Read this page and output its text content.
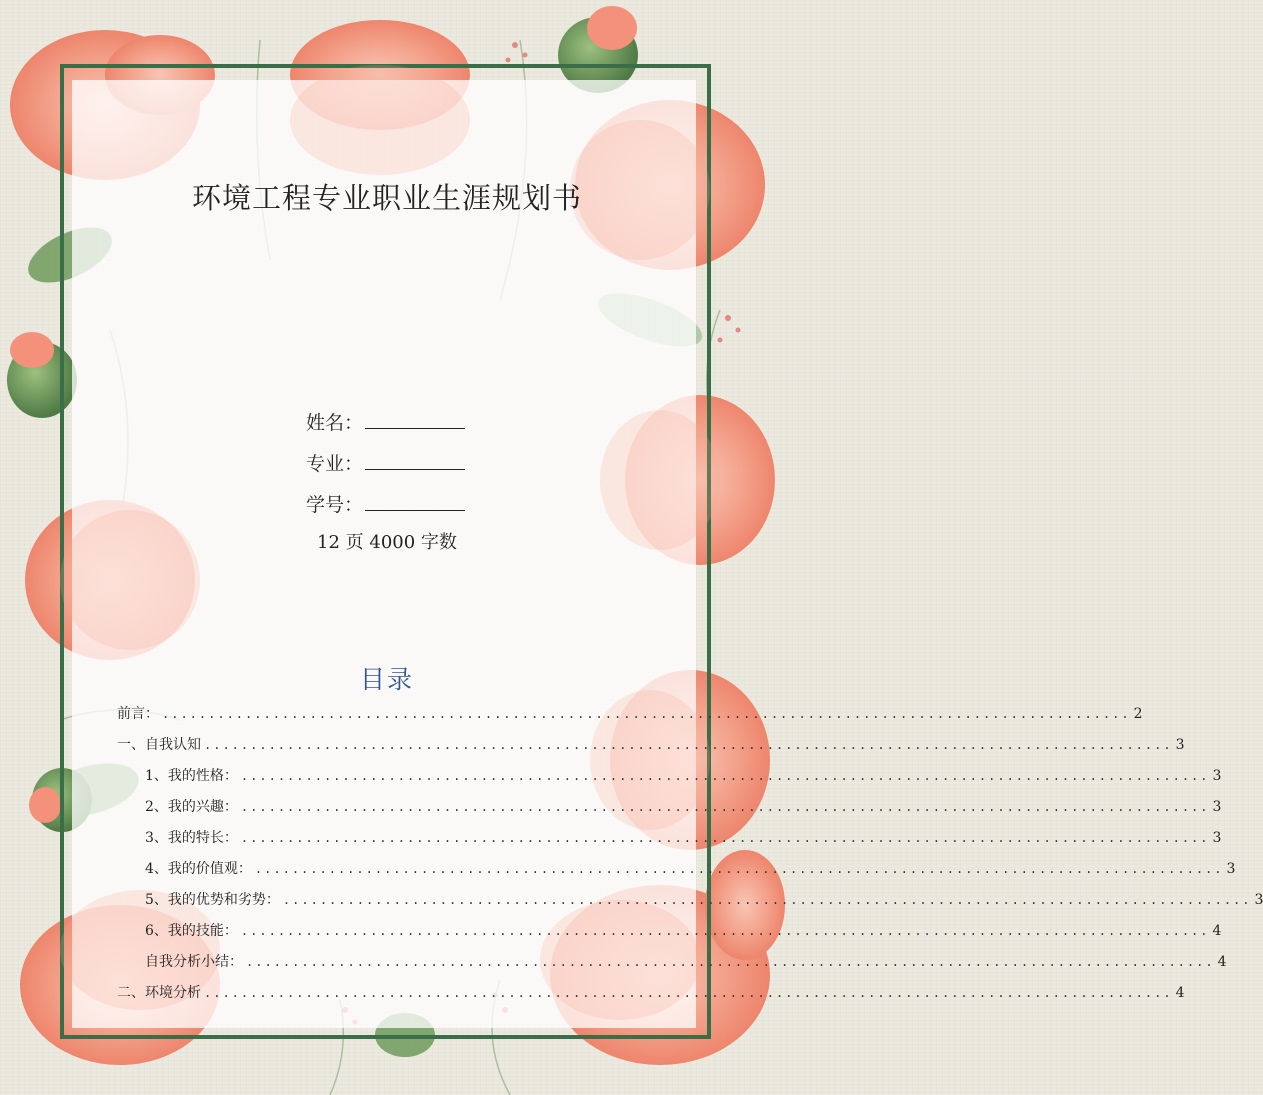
环境工程专业职业生涯规划书
姓名：
专业：
学号：
12 页 4000 字数
目录
前言： ......................................................................................................... 2
一、自我认知 ......................................................................................................... 3
1、我的性格： ......................................................................................................... 3
2、我的兴趣： ......................................................................................................... 3
3、我的特长： ......................................................................................................... 3
4、我的价值观： ......................................................................................................... 3
5、我的优势和劣势： ......................................................................................................... 3
6、我的技能： ......................................................................................................... 4
自我分析小结： ......................................................................................................... 4
二、环境分析 ......................................................................................................... 4
